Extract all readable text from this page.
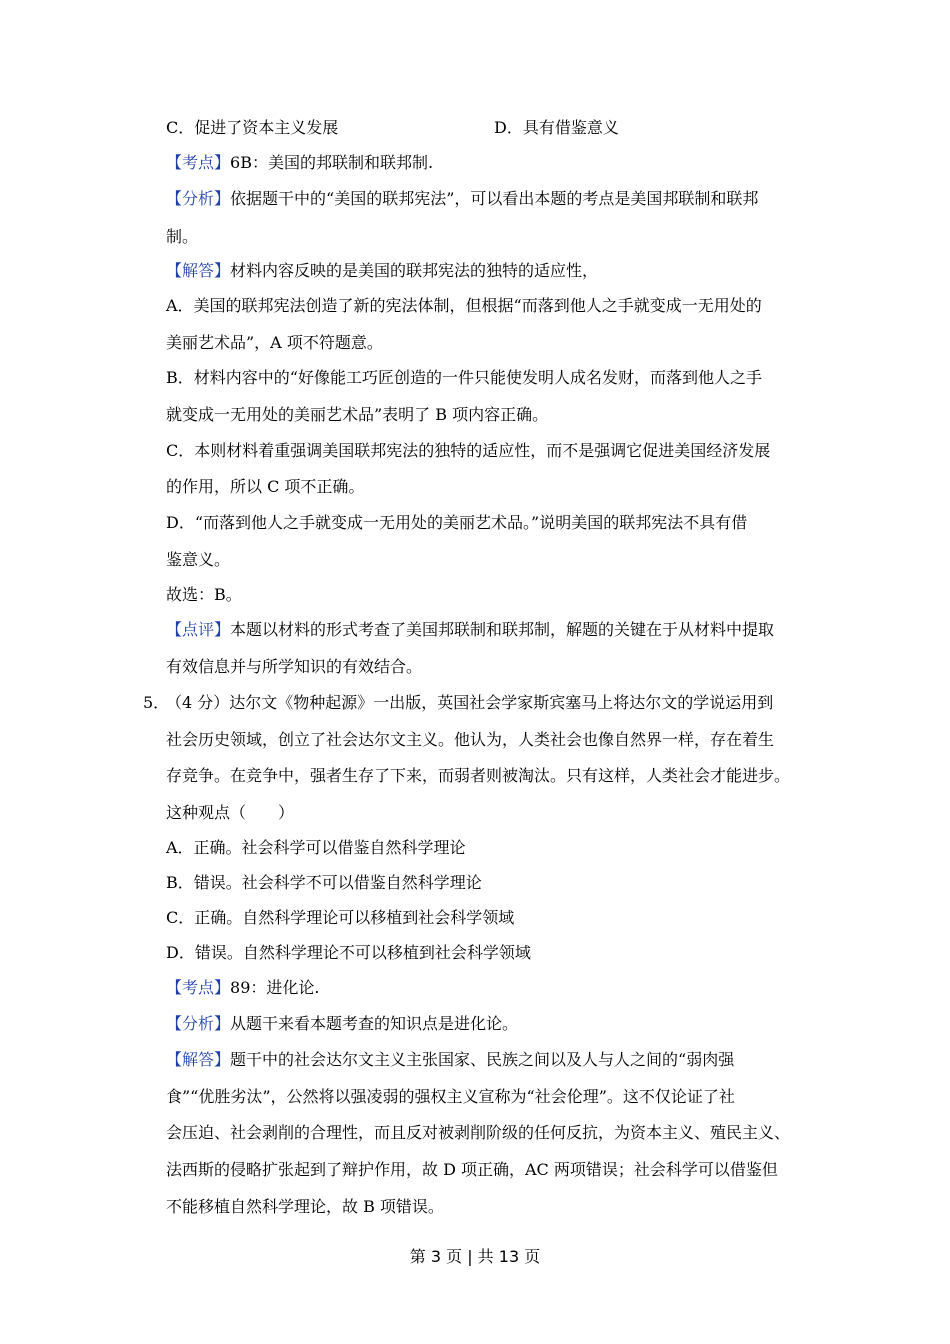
C．促进了资本主义发展	D．具有借鉴意义
【考点】6B：美国的邦联制和联邦制.
【分析】依据题干中的“美国的联邦宪法”，可以看出本题的考点是美国邦联制和联邦
制。
【解答】材料内容反映的是美国的联邦宪法的独特的适应性，
A．美国的联邦宪法创造了新的宪法体制，但根据“而落到他人之手就变成一无用处的
美丽艺术品”，A 项不符题意。
B．材料内容中的“好像能工巧匠创造的一件只能使发明人成名发财，而落到他人之手
就变成一无用处的美丽艺术品”表明了 B 项内容正确。
C．本则材料着重强调美国联邦宪法的独特的适应性，而不是强调它促进美国经济发展
的作用，所以 C 项不正确。
D．“而落到他人之手就变成一无用处的美丽艺术品。”说明美国的联邦宪法不具有借
鉴意义。
故选：B。
【点评】本题以材料的形式考查了美国邦联制和联邦制，解题的关键在于从材料中提取
有效信息并与所学知识的有效结合。
5．
（4 分）达尔文《物种起源》一出版，英国社会学家斯宾塞马上将达尔文的学说运用到
社会历史领域，创立了社会达尔文主义。他认为，人类社会也像自然界一样，存在着生
存竞争。在竞争中，强者生存了下来，而弱者则被淘汰。只有这样，人类社会才能进步。
这种观点（　　）
A．正确。社会科学可以借鉴自然科学理论
B．错误。社会科学不可以借鉴自然科学理论
C．正确。自然科学理论可以移植到社会科学领域
D．错误。自然科学理论不可以移植到社会科学领域
【考点】89：进化论.
【分析】从题干来看本题考查的知识点是进化论。
【解答】题干中的社会达尔文主义主张国家、民族之间以及人与人之间的“弱肉强
食”“优胜劣汰”，公然将以强凌弱的强权主义宣称为“社会伦理”。这不仅论证了社
会压迫、社会剥削的合理性，而且反对被剥削阶级的任何反抗，为资本主义、殖民主义、
法西斯的侵略扩张起到了辩护作用，故 D 项正确，AC 两项错误；社会科学可以借鉴但
不能移植自然科学理论，故 B 项错误。
第 3 页 | 共 13 页
